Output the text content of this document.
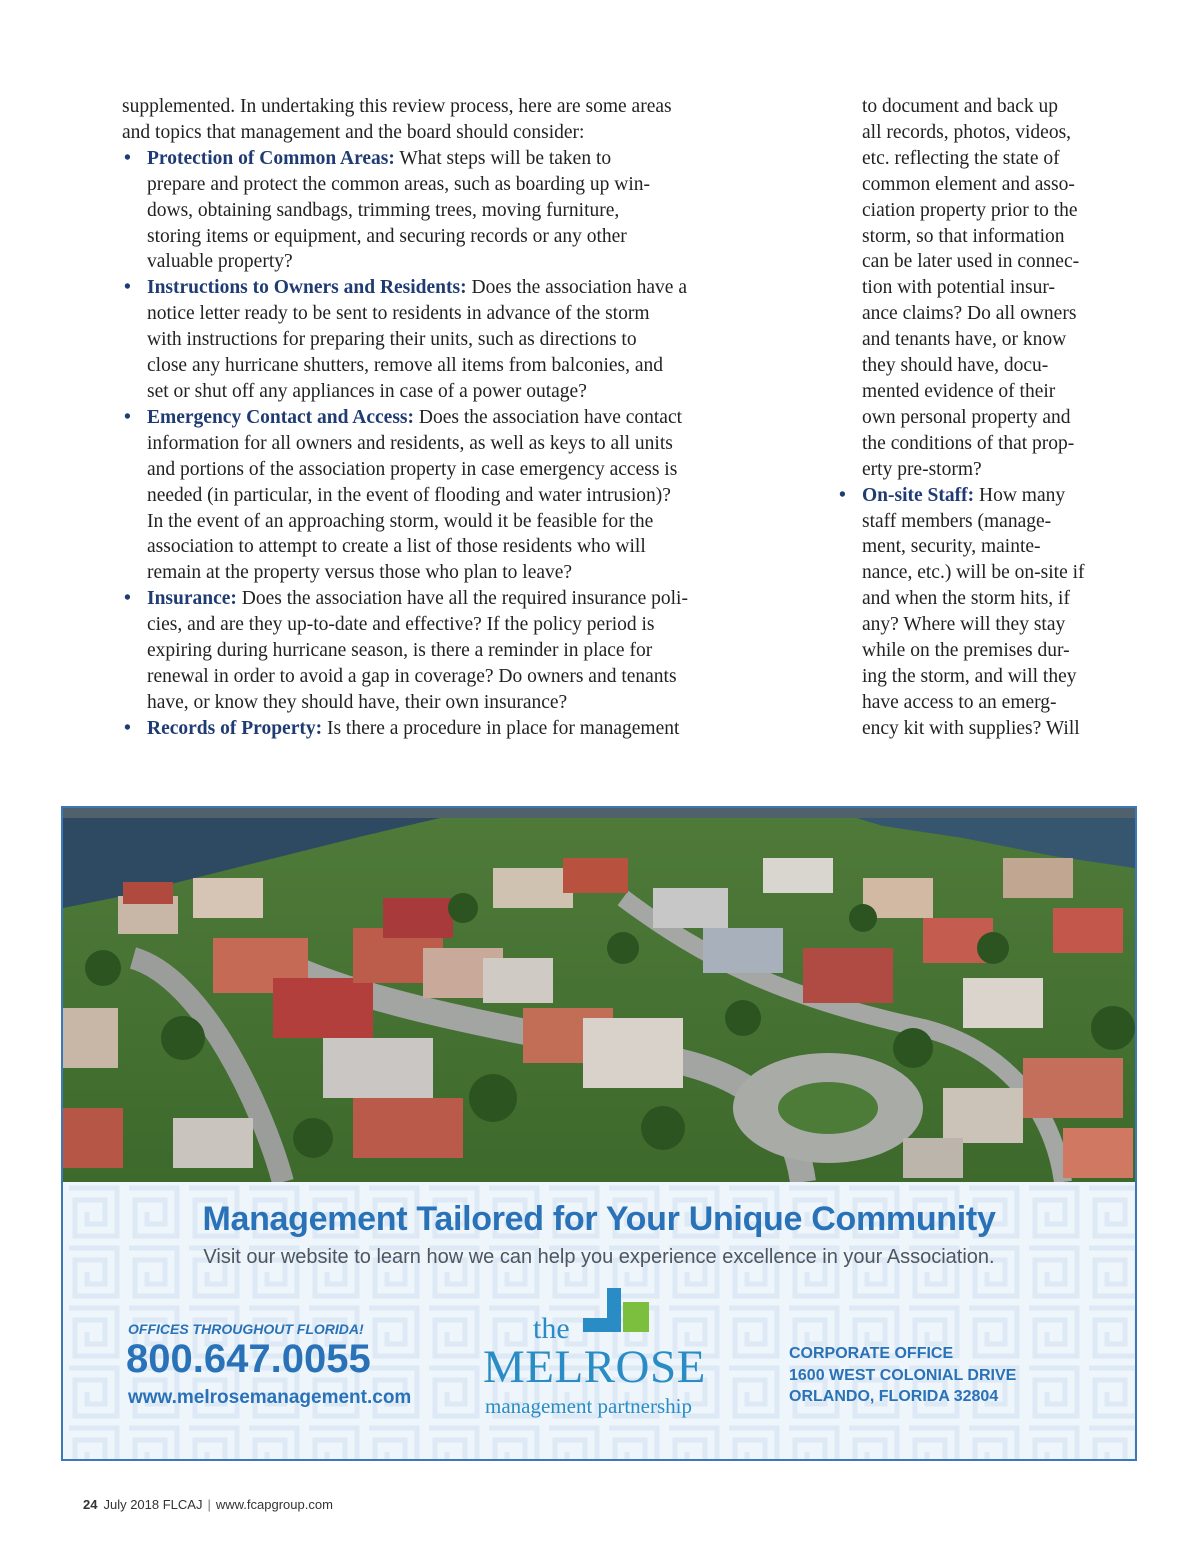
supplemented. In undertaking this review process, here are some areas
and topics that management and the board should consider:

• Protection of Common Areas: What steps will be taken to
prepare and protect the common areas, such as boarding up win-
dows, obtaining sandbags, trimming trees, moving furniture,
storing items or equipment, and securing records or any other
valuable property?
• Instructions to Owners and Residents: Does the association have a
notice letter ready to be sent to residents in advance of the storm
with instructions for preparing their units, such as directions to
close any hurricane shutters, remove all items from balconies, and
set or shut off any appliances in case of a power outage?
• Emergency Contact and Access: Does the association have contact
information for all owners and residents, as well as keys to all units
and portions of the association property in case emergency access is
needed (in particular, in the event of flooding and water intrusion)?
In the event of an approaching storm, would it be feasible for the
association to attempt to create a list of those residents who will
remain at the property versus those who plan to leave?
• Insurance: Does the association have all the required insurance poli-
cies, and are they up-to-date and effective? If the policy period is
expiring during hurricane season, is there a reminder in place for
renewal in order to avoid a gap in coverage? Do owners and tenants
have, or know they should have, their own insurance?
• Records of Property: Is there a procedure in place for management

to document and back up
all records, photos, videos,
etc. reflecting the state of
common element and asso-
ciation property prior to the
storm, so that information
can be later used in connec-
tion with potential insur-
ance claims? Do all owners
and tenants have, or know
they should have, docu-
mented evidence of their
own personal property and
the conditions of that prop-
erty pre-storm?

• On-site Staff: How many
staff members (manage-
ment, security, mainte-
nance, etc.) will be on-site if
and when the storm hits, if
any? Where will they stay
while on the premises dur-
ing the storm, and will they
have access to an emerg-
ency kit with supplies? Will
Management Tailored for Your Unique Community
Visit our website to learn how we can help you experience excellence in your Association.
OFFICES THROUGHOUT FLORIDA!
800.647.0055
www.melrosemanagement.com
the
MELROSE
management partnership
CORPORATE OFFICE
1600 WEST COLONIAL DRIVE
ORLANDO, FLORIDA 32804
24 July 2018 FLCAJ | www.fcapgroup.com
